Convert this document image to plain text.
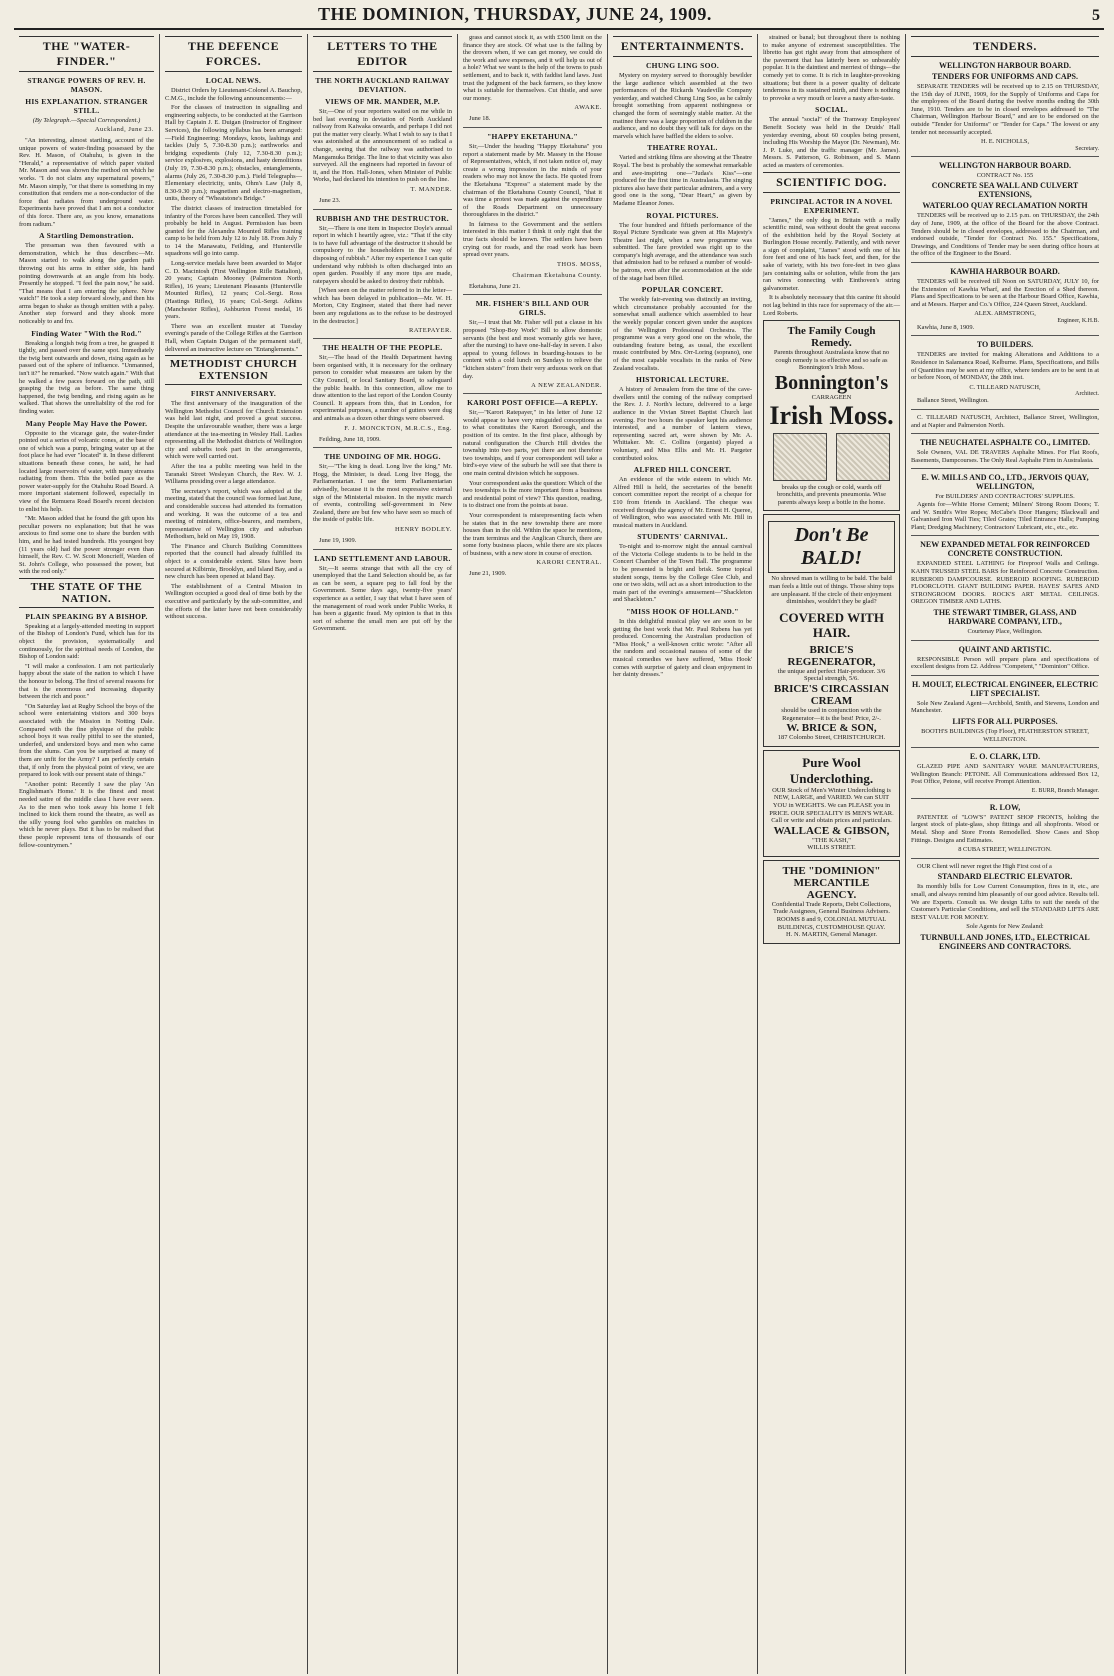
THE DOMINION, THURSDAY, JUNE 24, 1909.	5
THE "WATER-FINDER."
STRANGE POWERS OF REV. H. MASON.
HIS EXPLANATION. STRANGER STILL.
(By Telegraph.—Special Correspondent.)
Auckland, June 23.

"An interesting, almost startling, account of the unique powers of water-finding possessed by the Rev. H. Mason, of Otahuhu, is given in the "Herald," a representative of which paper visited Mr. Mason and was shown the method on which he works. "I do not claim any supernatural powers," Mr. Mason simply, "or that there is something in my constitution that renders me a non-conductor of the force that radiates from underground water. Experiments have proved that I am not a conductor of this force. There are, as you know, emanations from radium."

A Startling Demonstration.

The pressman was then favoured with a demonstration, which he thus describes:—Mr. Mason started to walk along the garden path throwing out his arms in either side, his hand pointing downwards at an angle from his body. Presently he stopped. "I feel the pain now," he said. "That means that I am entering the sphere. Now watch!" He took a step forward slowly, and then his arms began to shake as though smitten with a palsy. Another step forward and they shook more noticeably to and fro.

Finding Water "With the Rod."

Breaking a longish twig from a tree, he grasped it tightly, and passed over the same spot. Immediately the twig bent outwards and down, rising again as he passed out of the sphere of influence. "Unmanned, isn't it?" he remarked. "Now watch again." With that he walked a few paces forward on the path, still grasping the twig as before. The same thing happened, the twig bending, and rising again as he walked. That shows the unreliability of the rod for finding water.

Many People May Have the Power.

Opposite to the vicarage gate, the water-finder pointed out a series of volcanic cones, at the base of one of which was a pump, bringing water up at the foot place he had ever "located" it. In these different situations beneath these cones, he said, he had located large reservoirs of water, with many streams radiating from them. This the boiled pace as the power water-supply for the Otahuhu Road Board. A more important statement followed, especially in view of the Remuera Road Board's recent decision to enlist his help.

"Mr. Mason added that he found the gift upon his peculiar powers no explanation; but that he was anxious to find some one to share the burden with him, and he had tested hundreds. His youngest boy (11 years old) had the power stronger even than himself, the Rev. C. W. Scott Moncrieff, Warden of St. John's College, who possessed the power, but with the rod only."

THE STATE OF THE NATION.
PLAIN SPEAKING BY A BISHOP.

Speaking at a largely-attended meeting in support of the Bishop of London's Fund, which has for its object the provision, systematically and continuously, for the spiritual needs of London, the Bishop of London said:

"I will make a confession. I am not particularly happy about the state of the nation to which I have the honour to belong. The first of several reasons for that is the enormous and increasing disparity between the rich and poor."

"On Saturday last at Rugby School the boys of the school were entertaining visitors and 300 boys associated with the Mission in Notting Dale. Compared with the fine physique of the public school boys it was really pitiful to see the stunted, underfed, and undersized boys and men who came from the slums. Can you be surprised at many of them are unfit for the Army? I am perfectly certain that, if only from the physical point of view, we are prepared to look with our present state of things."

"Another point: Recently I saw the play 'An Englishman's Home.' It is the finest and most needed satire of the middle class I have ever seen. As to the men who took away his home I felt inclined to kick them round the theatre, as well as the silly young fool who gambles on matches in which he never plays. But it has to be realised that these people represent tens of thousands of our fellow-countrymen."

THE DEFENCE FORCES.
LOCAL NEWS.

District Orders by Lieutenant-Colonel A. Bauchop, C.M.G., include the following announcements:—

For the classes of instruction in signalling and engineering subjects, to be conducted at the Garrison Hall by Captain J. E. Duigan (Instructor of Engineer Services), the following syllabus has been arranged:—Field Engineering: Mondays, knots, lashings and tackles (July 5, 7.30-8.30 p.m.); earthworks and bridging expedients (July 12, 7.30-8.30 p.m.); service explosives, explosions, and hasty demolitions (July 19, 7.30-8.30 p.m.); obstacles, entanglements, alarms (July 26, 7.30-8.30 p.m.). Field Telegraphs—Elementary electricity, units, Ohm's Law (July 8, 8.30-9.30 p.m.); magnetism and electro-magnetism, units, theory of "Wheatstone's Bridge."

The district classes of instruction timetabled for infantry of the Forces have been cancelled. They will probably be held in August. Permission has been granted for the Alexandra Mounted Rifles training camp to be held from July 12 to July 18. From July 7 to 14 the Manawatu, Feilding, and Hunterville squadrons will go into camp.

Long-service medals have been awarded to Major C. D. Macintosh (First Wellington Rifle Battalion), 20 years; Captain Mooney (Palmerston North Rifles), 16 years; Lieutenant Pleasants (Hunterville Mounted Rifles), 12 years; Col.-Sergt. Ross (Hastings Rifles), 16 years; Col.-Sergt. Adkins (Manchester Rifles), Ashburton Forest medal, 16 years.

There was an excellent muster at Tuesday evening's parade of the College Rifles at the Garrison Hall, when Captain Duigan of the permanent staff, delivered an instructive lecture on "Entanglements."

METHODIST CHURCH EXTENSION
FIRST ANNIVERSARY.

The first anniversary of the inauguration of the Wellington Methodist Council for Church Extension was held last night, and proved a great success. Despite the unfavourable weather, there was a large attendance at the tea-meeting in Wesley Hall. Ladies representing all the Methodist districts of Wellington city and suburbs took part in the arrangements, which were well carried out.

After the tea a public meeting was held in the Taranaki Street Wesleyan Church, the Rev. W. J. Williams presiding over a large attendance.

The secretary's report, which was adopted at the meeting, stated that the council was formed last June, and considerable success had attended its formation and working. It was the outcome of a tea and meeting of ministers, office-bearers, and members, representative of Wellington city and suburban Methodism, held on May 19, 1908.

The Finance and Church Building Committees reported that the council had already fulfilled its object to a considerable extent. Sites have been secured at Kilbirnie, Brooklyn, and Island Bay, and a new church has been opened at Island Bay.

The establishment of a Central Mission in Wellington occupied a good deal of time both by the executive and particularly by the sub-committee, and the efforts of the latter have not been considerably without success.

LETTERS TO THE EDITOR
THE NORTH AUCKLAND RAILWAY DEVIATION.
VIEWS OF MR. MANDER, M.P.

Sir,—One of your reporters waited on me while in bed last evening in deviation of North Auckland railway from Kaiwaka onwards, and perhaps I did not put the matter very clearly. What I wish to say is that I was astonished at the announcement of so radical a change, seeing that the railway was authorised to Mangamuka Bridge. The line to that vicinity was also surveyed. All the engineers had reported in favour of it, and the Hon. Hall-Jones, when Minister of Public Works, had declared his intention to push on the line.

T. MANDER.

June 23.

RUBBISH AND THE DESTRUCTOR.

Sir,—There is one item in Inspector Doyle's annual report in which I heartily agree, viz.: "That if the city is to have full advantage of the destructor it should be compulsory to the householders in the way of disposing of rubbish." After my experience I can quite understand why rubbish is often discharged into an open garden. Possibly if any more tips are made, ratepayers should be asked to destroy their rubbish.

[When seen on the matter referred to in the letter—which has been delayed in publication—Mr. W. H. Morton, City Engineer, stated that there had never been any regulations as to the refuse to be destroyed in the destructor.]

RATEPAYER.
THE HEALTH OF THE PEOPLE.

Sir,—The head of the Health Department having been organised with, it is necessary for the ordinary person to consider what measures are taken by the City Council, or local Sanitary Board, to safeguard the public health. In this connection, allow me to draw attention to the last report of the London County Council. It appears from this, that in London, for experimental purposes, a number of gutters were dug and animals as a dozen other things were observed.

F. J. MONCKTON, M.R.C.S., Eng.

Feilding, June 18, 1909.

THE UNDOING OF MR. HOGG.

Sir,—"The king is dead. Long live the king," Mr. Hogg, the Minister, is dead. Long live Hogg, the Parliamentarian. I use the term Parliamentarian advisedly, because it is the most expressive external sign of the Ministerial mission. In the mystic march of events, controlling self-government in New Zealand, there are but few who have seen so much of the inside of public life.

HENRY BODLEY.

June 19, 1909.

LAND SETTLEMENT AND LABOUR.

Sir,—It seems strange that with all the cry of unemployed that the Land Selection should be, as far as can be seen, a square peg to fall foul by the Government. Some days ago, twenty-five years' experience as a settler, I say that what I have seen of the management of road work under Public Works, it has been a gigantic fraud. My opinion is that in this sort of scheme the small men are put off by the Government.

grass and cannot stock it, as with £500 limit on the finance they are stock. Of what use is the falling by the drovers when, if we can get money, we could do the work and save expenses, and it will help us out of a hole? What we want is the help of the towns to push settlement, and to back it, with faddist land laws. Just trust the judgment of the back farmers, so they know what is suitable for themselves. Cut thistle, and save our money.

AWAKE.

June 18.

"HAPPY EKETAHUNA."

Sir,—Under the heading "Happy Eketahuna" you report a statement made by Mr. Massey in the House of Representatives, which, if not taken notice of, may create a wrong impression in the minds of your readers who may not know the facts. He quoted from the Eketahuna "Express" a statement made by the chairman of the Eketahuna County Council, "that it was time a protest was made against the expenditure of the Roads Department on unnecessary thoroughfares in the district."

In fairness to the Government and the settlers interested in this matter I think it only right that the true facts should be known. The settlers have been crying out for roads, and the road work has been spread over years.

THOS. MOSS,
Chairman Eketahuna County.

Eketahuna, June 21.

MR. FISHER'S BILL AND OUR GIRLS.

Sir,—I trust that Mr. Fisher will put a clause in his proposed "Shop-Boy Work" Bill to allow domestic servants (the best and most womanly girls we have, after the nursing) to have one-half-day in seven. I also appeal to young fellows in boarding-houses to be content with a cold lunch on Sundays to relieve the "kitchen sisters" from their very arduous work on that day.

A NEW ZEALANDER.
KARORI POST OFFICE—A REPLY.

Sir,—"Karori Ratepayer," in his letter of June 12 would appear to have very misguided conceptions as to what constitutes the Karori Borough, and the position of its centre. In the first place, although by natural configuration the Church Hill divides the township into two parts, yet there are not therefore two townships, and if your correspondent will take a bird's-eye view of the suburb he will see that there is one main central division which he supposes.

Your correspondent asks the question: Which of the two townships is the more important from a business and residential point of view? This question, reading, is to distract one from the points at issue.

Your correspondent is misrepresenting facts when he states that in the new township there are more houses than in the old. Within the space he mentions, the tram terminus and the Anglican Church, there are some forty business places, while there are six places of business, with a new store in course of erection.

KARORI CENTRAL.

June 21, 1909.

ENTERTAINMENTS.
CHUNG LING SOO.

Mystery on mystery served to thoroughly bewilder the large audience which assembled at the two performances of the Rickards Vaudeville Company yesterday, and watched Chung Ling Soo, as he calmly brought something from apparent nothingness or changed the form of seemingly stable matter. At the matinee there was a large proportion of children in the audience, and no doubt they will talk for days on the marvels which have baffled the elders to solve.

THEATRE ROYAL.

Varied and striking films are showing at the Theatre Royal. The best is probably the somewhat remarkable and awe-inspiring one—"Judas's Kiss"—one produced for the first time in Australasia. The singing pictures also have their particular admirers, and a very good one is the song, "Dear Heart," as given by Madame Eleanor Jones.

ROYAL PICTURES.

The four hundred and fiftieth performance of the Royal Picture Syndicate was given at His Majesty's Theatre last night, when a new programme was submitted. The fare provided was right up to the company's high average, and the attendance was such that admission had to be refused a number of would-be patrons, even after the accommodation at the side of the stage had been filled.

POPULAR CONCERT.

The weekly fair-evening was distinctly an inviting, which circumstance probably accounted for the somewhat small audience which assembled to hear the weekly popular concert given under the auspices of the Wellington Professional Orchestra. The programme was a very good one on the whole, the outstanding feature being, as usual, the excellent music contributed by Mrs. Orr-Loring (soprano), one of the most capable vocalists in the ranks of New Zealand vocalists.

HISTORICAL LECTURE.

A history of Jerusalem from the time of the cave-dwellers until the coming of the railway comprised the Rev. J. J. North's lecture, delivered to a large audience in the Vivian Street Baptist Church last evening. For two hours the speaker kept his audience interested, and a number of lantern views, representing sacred art, were shown by Mr. A. Whittaker. Mr. C. Collins (organist) played a voluntary, and Miss Ellis and Mr. H. Pargeter contributed solos.

ALFRED HILL CONCERT.

An evidence of the wide esteem in which Mr. Alfred Hill is held, the secretaries of the benefit concert committee report the receipt of a cheque for £10 from friends in Auckland. The cheque was received through the agency of Mr. Ernest H. Queree, of Wellington, who was associated with Mr. Hill in musical matters in Auckland.

STUDENTS' CARNIVAL.

To-night and to-morrow night the annual carnival of the Victoria College students is to be held in the Concert Chamber of the Town Hall. The programme to be presented is bright and brisk. Some topical student songs, items by the College Glee Club, and one or two skits, will act as a short introduction to the main part of the evening's amusement—"Shackleton and Shackleton."

"MISS HOOK OF HOLLAND."

In this delightful musical play we are soon to be getting the best work that Mr. Paul Rubens has yet produced. Concerning the Australian production of "Miss Hook," a well-known critic wrote: "After all the random and occasional nausea of some of the musical comedies we have suffered, 'Miss Hook' comes with surprise of gaiety and clean enjoyment in her dainty dresses."

strained or banal; but throughout there is nothing to make anyone of extremest susceptibilities. The libretto has got right away from that atmosphere of the pavement that has latterly been so unbearably popular. It is the daintiest and merriest of things—the comedy yet to come. It is rich in laughter-provoking situations; but there is a power quality of delicate tenderness in its sustained mirth, and there is nothing to provoke a wry mouth or leave a nasty after-taste.

SOCIAL.

The annual "social" of the Tramway Employees' Benefit Society was held in the Druids' Hall yesterday evening, about 60 couples being present, including His Worship the Mayor (Dr. Newman), Mr. J. P. Luke, and the traffic manager (Mr. James). Messrs. S. Patterson, G. Robinson, and S. Mann acted as masters of ceremonies.

SCIENTIFIC DOG.
PRINCIPAL ACTOR IN A NOVEL EXPERIMENT.

"James," the only dog in Britain with a really scientific mind, was without doubt the great success of the exhibition held by the Royal Society at Burlington House recently. Patiently, and with never a sign of complaint, "James" stood with one of his fore feet and one of his back feet, and then, for the sake of variety, with his two fore-feet in two glass jars containing salts or solution, while from the jars ran wires connecting with Einthoven's string galvanometer.

It is absolutely necessary that this canine fit should not lag behind in this race for supremacy of the air.—Lord Roberts.

The Family Cough Remedy.
Parents throughout Australasia know that no cough remedy is so effective and so safe as Bonnington's Irish Moss.
Bonnington's
CARRAGEEN
Irish Moss.
breaks up the cough or cold, wards off bronchitis, and prevents pneumonia. Wise parents always keep a bottle in the home.
Don't Be BALD!
No shrewd man is willing to be bald. The bald man feels a little out of things. Those shiny tops are unpleasant. If the circle of their enjoyment diminishes, wouldn't they be glad?
COVERED WITH HAIR.
BRICE'S REGENERATOR,
the unique and perfect Hair-producer. 3/6 Special strength, 5/6.
BRICE'S CIRCASSIAN CREAM
should be used in conjunction with the Regenerator—it is the best! Price, 2/-.
W. BRICE & SON,
187 Colombo Street, CHRISTCHURCH.
Pure Wool Underclothing.
OUR Stock of Men's Winter Underclothing is NEW, LARGE, and VARIED. We can SUIT YOU in WEIGHTS. We can PLEASE you in PRICE. OUR SPECIALITY IS MEN'S WEAR. Call or write and obtain prices and particulars.
WALLACE & GIBSON,
"THE KASH,"
WILLIS STREET.
THE "DOMINION" MERCANTILE AGENCY.
Confidential Trade Reports, Debt Collections, Trade Assignees, General Business Advisers. ROOMS 8 and 9, COLONIAL MUTUAL BUILDINGS, CUSTOMHOUSE QUAY.
H. N. MARTIN, General Manager.
TENDERS.
WELLINGTON HARBOUR BOARD.
TENDERS FOR UNIFORMS AND CAPS.

SEPARATE TENDERS will be received up to 2.15 on THURSDAY, the 15th day of JUNE, 1909, for the Supply of Uniforms and Caps for the employees of the Board during the twelve months ending the 30th June, 1910. Tenders are to be in closed envelopes addressed to "The Chairman, Wellington Harbour Board," and are to be endorsed on the outside "Tender for Uniforms" or "Tender for Caps." The lowest or any tender not necessarily accepted.

H. E. NICHOLLS,
Secretary.
WELLINGTON HARBOUR BOARD.
CONTRACT No. 155
CONCRETE SEA WALL AND CULVERT EXTENSIONS,
WATERLOO QUAY RECLAMATION NORTH

TENDERS will be received up to 2.15 p.m. on THURSDAY, the 24th day of June, 1909, at the office of the Board for the above Contract. Tenders should be in closed envelopes, addressed to the Chairman, and endorsed outside, "Tender for Contract No. 155." Specifications, Drawings, and Conditions of Tender may be seen during office hours at the office of the Engineer to the Board.

KAWHIA HARBOUR BOARD.

TENDERS will be received till Noon on SATURDAY, JULY 10, for the Extension of Kawhia Wharf, and the Erection of a Shed thereon. Plans and Specifications to be seen at the Harbour Board Office, Kawhia, and at Messrs. Harper and Co.'s Office, 224 Queen Street, Auckland.

ALEX. ARMSTRONG,
Engineer, K.H.B.

Kawhia, June 8, 1909.

TO BUILDERS.

TENDERS are invited for making Alterations and Additions to a Residence in Salamanca Road, Kelburne. Plans, Specifications, and Bills of Quantities may be seen at my office, where tenders are to be sent in at or before Noon, of MONDAY, the 28th inst.

C. TILLEARD NATUSCH,
Architect.

Ballance Street, Wellington.

C. TILLEARD NATUSCH, Architect, Ballance Street, Wellington, and at Napier and Palmerston North.

THE NEUCHATEL ASPHALTE CO., LIMITED.

Sole Owners, VAL DE TRAVERS Asphalte Mines. For Flat Roofs, Basements, Dampcourses. The Only Real Asphalte Firm in Australasia.

E. W. MILLS AND CO., LTD., JERVOIS QUAY, WELLINGTON,
For BUILDERS' AND CONTRACTORS' SUPPLIES.

Agents for—White Horse Cement; Milners' Strong Room Doors; T. and W. Smith's Wire Ropes; McCabe's Door Hangers; Blackwall and Galvanised Iron Wall Ties; Tiled Grates; Tiled Entrance Halls; Pumping Plant; Dredging Machinery; Contractors' Lubricant, etc., etc., etc.

NEW EXPANDED METAL FOR REINFORCED CONCRETE CONSTRUCTION.

EXPANDED STEEL LATHING for Fireproof Walls and Ceilings. KAHN TRUSSED STEEL BARS for Reinforced Concrete Construction. RUBEROID DAMPCOURSE. RUBEROID ROOFING. RUBEROID FLOORCLOTH. GIANT BUILDING PAPER. HAYES' SAFES AND STRONGROOM DOORS. ROCK'S ART METAL CEILINGS. OREGON TIMBER AND LATHS.

THE STEWART TIMBER, GLASS, AND HARDWARE COMPANY, LTD.,
Courtenay Place, Wellington.
QUAINT AND ARTISTIC.

RESPONSIBLE Person will prepare plans and specifications of excellent designs from £2. Address "Competent," "Dominion" Office.

H. MOULT, ELECTRICAL ENGINEER, ELECTRIC LIFT SPECIALIST.

Sole New Zealand Agent—Archbold, Smith, and Stevens, London and Manchester.

LIFTS FOR ALL PURPOSES.
BOOTH'S BUILDINGS (Top Floor), FEATHERSTON STREET, WELLINGTON.
E. O. CLARK, LTD.

GLAZED PIPE AND SANITARY WARE MANUFACTURERS, Wellington Branch: PETONE. All Communications addressed Box 12, Post Office, Petone, will receive Prompt Attention.

E. BURR, Branch Manager.
R. LOW,

PATENTEE of "LOW'S" PATENT SHOP FRONTS, holding the largest stock of plate-glass, shop fittings and all shopfronts. Wood or Metal. Shop and Store Fronts Remodelled. Show Cases and Shop Fittings. Designs and Estimates.

8 CUBA STREET, WELLINGTON.

OUR Client will never regret the High First cost of a

STANDARD ELECTRIC ELEVATOR.

Its monthly bills for Low Current Consumption, fires in it, etc., are small, and always remind him pleasantly of our good advice. Results tell. We are Experts. Consult us. We design Lifts to suit the needs of the Customer's Particular Conditions, and sell the STANDARD LIFTS ARE BEST VALUE FOR MONEY.

Sole Agents for New Zealand:
TURNBULL AND JONES, LTD., ELECTRICAL ENGINEERS AND CONTRACTORS.
